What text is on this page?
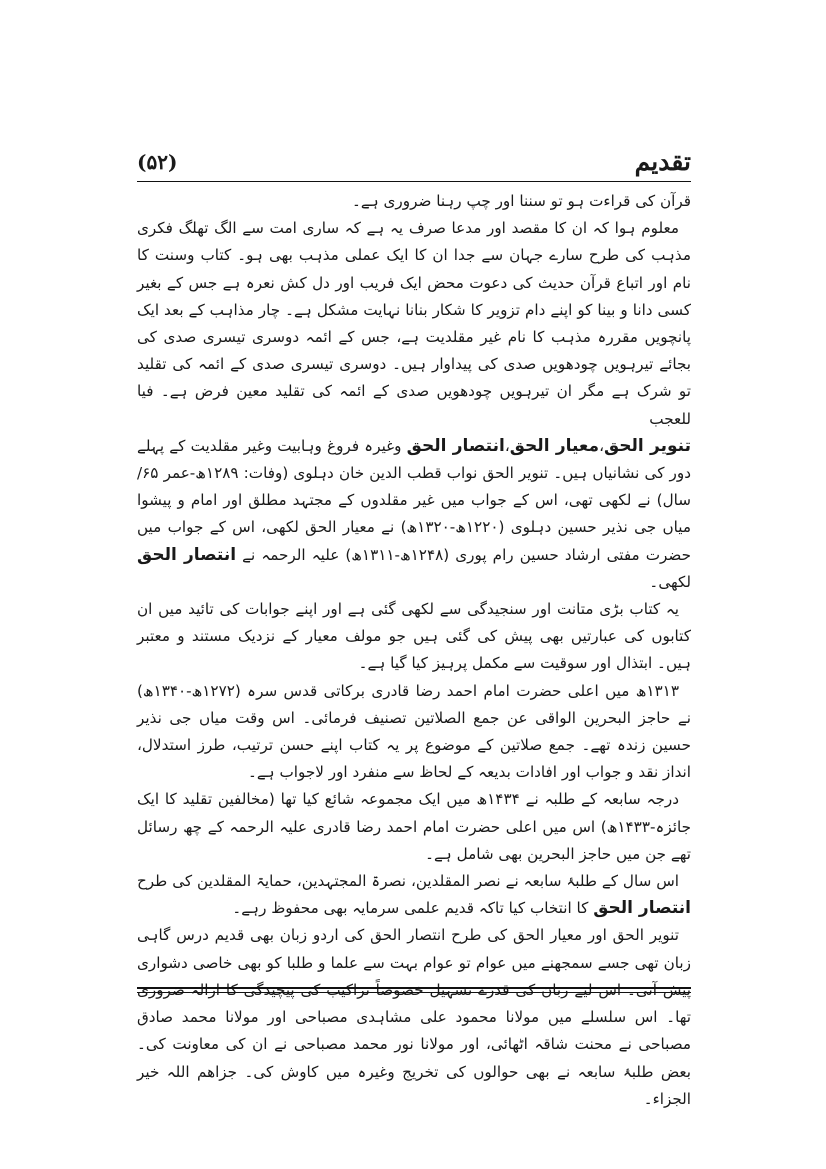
تقدیم
(۵۲)

قرآن کی قراءت ہو تو سننا اور چپ رہنا ضروری ہے۔

معلوم ہوا کہ ان کا مقصد اور مدعا صرف یہ ہے کہ ساری امت سے الگ تھلگ فکری مذہب کی طرح سارے جہان سے جدا ان کا ایک عملی مذہب بھی ہو۔ کتاب وسنت کا نام اور اتباع قرآن حدیث کی دعوت محض ایک فریب اور دل کش نعرہ ہے جس کے بغیر کسی دانا و بینا کو اپنے دام تزویر کا شکار بنانا نہایت مشکل ہے۔ چار مذاہب کے بعد ایک پانچویں مقررہ مذہب کا نام غیر مقلدیت ہے، جس کے ائمہ دوسری تیسری صدی کی بجائے تیرہویں چودھویں صدی کی پیداوار ہیں۔ دوسری تیسری صدی کے ائمہ کی تقلید تو شرک ہے مگر ان تیرہویں چودھویں صدی کے ائمہ کی تقلید معین فرض ہے۔ فیا للعجب

تنویر الحق،معیار الحق،انتصار الحق وغیرہ فروغ وہابیت وغیر مقلدیت کے پہلے دور کی نشانیاں ہیں۔ تنویر الحق نواب قطب الدین خان دہلوی (وفات: ۱۲۸۹ھ-عمر ۶۵/سال) نے لکھی تھی، اس کے جواب میں غیر مقلدوں کے مجتہد مطلق اور امام و پیشوا میاں جی نذیر حسین دہلوی (۱۲۲۰ھ-۱۳۲۰ھ) نے معیار الحق لکھی، اس کے جواب میں حضرت مفتی ارشاد حسین رام پوری (۱۲۴۸ھ-۱۳۱۱ھ) علیہ الرحمہ نے انتصار الحق لکھی۔

یہ کتاب بڑی متانت اور سنجیدگی سے لکھی گئی ہے اور اپنے جوابات کی تائید میں ان کتابوں کی عبارتیں بھی پیش کی گئی ہیں جو مولف معیار کے نزدیک مستند و معتبر ہیں۔ ابتذال اور سوقیت سے مکمل پرہیز کیا گیا ہے۔

۱۳۱۳ھ میں اعلی حضرت امام احمد رضا قادری برکاتی قدس سرہ (۱۲۷۲ھ-۱۳۴۰ھ) نے حاجز البحرین الواقی عن جمع الصلاتین تصنیف فرمائی۔ اس وقت میاں جی نذیر حسین زندہ تھے۔ جمع صلاتین کے موضوع پر یہ کتاب اپنے حسن ترتیب، طرز استدلال، انداز نقد و جواب اور افادات بدیعہ کے لحاظ سے منفرد اور لاجواب ہے۔

درجہ سابعہ کے طلبہ نے ۱۴۳۴ھ میں ایک مجموعہ شائع کیا تھا (مخالفین تقلید کا ایک جائزہ-۱۴۳۳ھ) اس میں اعلی حضرت امام احمد رضا قادری علیہ الرحمہ کے چھ رسائل تھے جن میں حاجز البحرین بھی شامل ہے۔

اس سال کے طلبۂ سابعہ نے نصر المقلدین، نصرۃ المجتہدین، حمایۃ المقلدین کی طرح انتصار الحق کا انتخاب کیا تاکہ قدیم علمی سرمایہ بھی محفوظ رہے۔

تنویر الحق اور معیار الحق کی طرح انتصار الحق کی اردو زبان بھی قدیم درس گاہی زبان تھی جسے سمجھنے میں عوام تو عوام بہت سے علما و طلبا کو بھی خاصی دشواری پیش آتی۔ اس لیے زبان کی قدرے تسہیل خصوصاً تراکیب کی پیچیدگی کا ازالہ ضروری تھا۔ اس سلسلے میں مولانا محمود علی مشاہدی مصباحی اور مولانا محمد صادق مصباحی نے محنت شاقہ اٹھائی، اور مولانا نور محمد مصباحی نے ان کی معاونت کی۔ بعض طلبۂ سابعہ نے بھی حوالوں کی تخریج وغیرہ میں کاوش کی۔ جزاھم اللہ خیر الجزاء۔
